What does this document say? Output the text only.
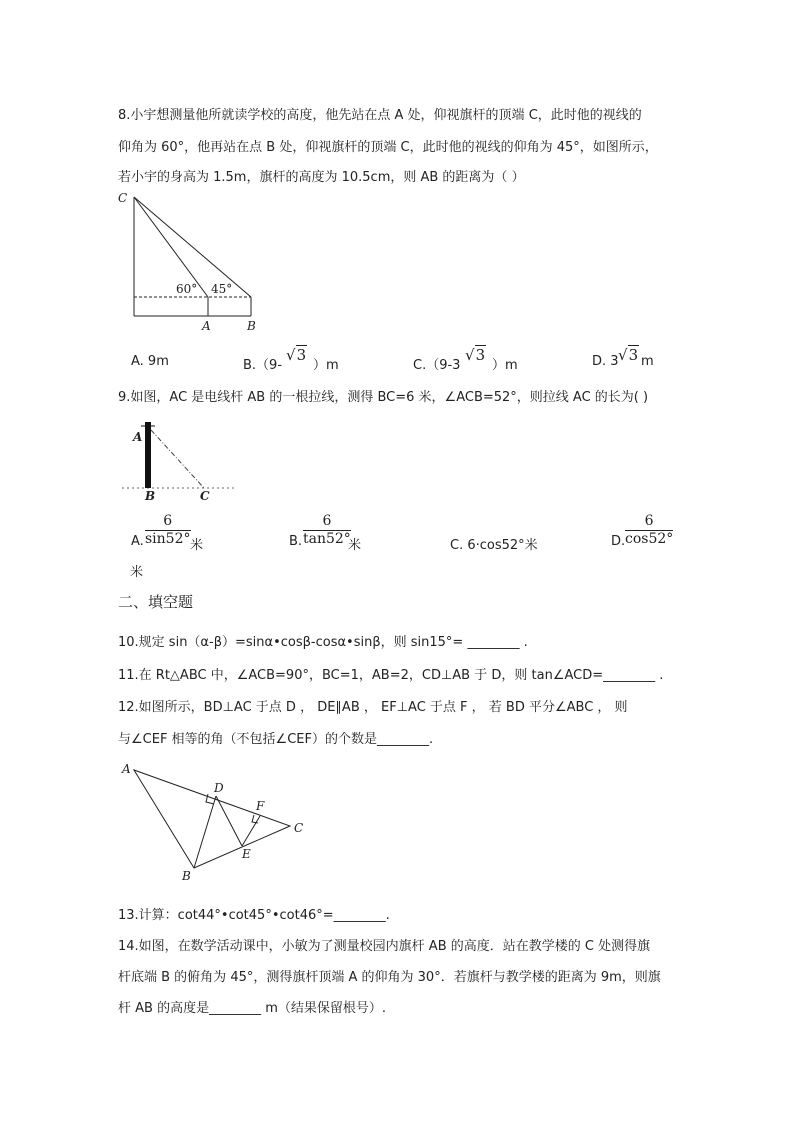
8.小宇想测量他所就读学校的高度，他先站在点 A 处，仰视旗杆的顶端 C，此时他的视线的
仰角为 60°，他再站在点 B 处，仰视旗杆的顶端 C，此时他的视线的仰角为 45°，如图所示，
若小宇的身高为 1.5m，旗杆的高度为 10.5cm，则 AB 的距离为（ ）
C
60° 45°
A	B
A. 9m	B.（9-
√3
）m	C.（9-3
√3
）m	D. 3 √3 m
9.如图，AC 是电线杆 AB 的一根拉线，测得 BC=6 米，∠ACB=52°，则拉线 AC 的长为( )
A
B	C
A. $\frac{6}{\sin 52^\circ}$ 米	B. $\frac{6}{\tan 52^\circ}$
米	C. 6·cos52°米	D. $\frac{6}{\cos 52^\circ}$
米
二、填空题
10.规定 sin（α-β）=sinα•cosβ-cosα•sinβ，则 sin15°= ________ .
11.在 Rt△ABC 中，∠ACB=90°，BC=1，AB=2，CD⊥AB 于 D，则 tan∠ACD=________ .
12.如图所示，BD⊥AC 于点 D ， DE∥AB ， EF⊥AC 于点 F ， 若 BD 平分∠ABC ， 则
与∠CEF 相等的角（不包括∠CEF）的个数是________.
A
B
C
D
E
F
13.计算：cot44°•cot45°•cot46°=________.
14.如图，在数学活动课中，小敏为了测量校园内旗杆 AB 的高度．站在教学楼的 C 处测得旗
杆底端 B 的俯角为 45°，测得旗杆顶端 A 的仰角为 30°．若旗杆与教学楼的距离为 9m，则旗
杆 AB 的高度是________ m（结果保留根号）.
